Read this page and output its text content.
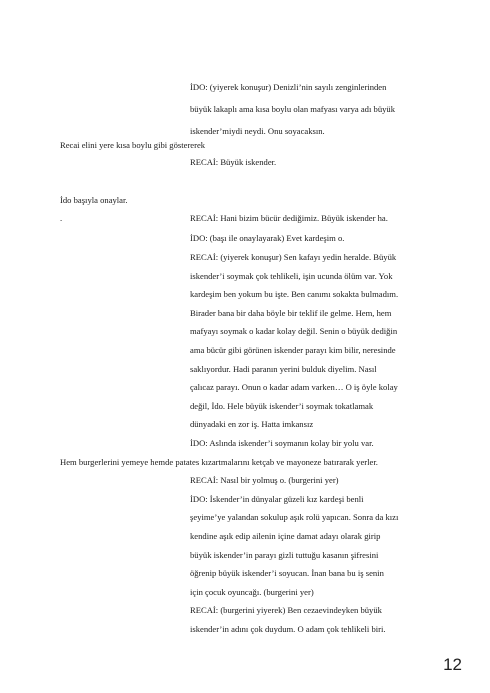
İDO: (yiyerek konuşur) Denizli’nin sayılı zenginlerinden
büyük lakaplı ama kısa boylu olan mafyası varya adı büyük
iskender’miydi neydi. Onu soyacaksın.
Recai elini yere kısa boylu gibi göstererek
RECAİ: Büyük iskender.
İdo başıyla onaylar.
.	RECAİ: Hani bizim bücür dediğimiz. Büyük iskender ha.
İDO: (başı ile onaylayarak) Evet kardeşim o.
RECAİ: (yiyerek konuşur) Sen kafayı yedin heralde. Büyük
iskender’i soymak çok tehlikeli, işin ucunda ölüm var. Yok
kardeşim ben yokum bu işte. Ben canımı sokakta bulmadım.
Birader bana bir daha böyle bir teklif ile gelme. Hem, hem
mafyayı soymak o kadar kolay değil. Senin o büyük dediğin
ama bücür gibi görünen iskender parayı kim bilir, neresinde
saklıyordur. Hadi paranın yerini bulduk diyelim. Nasıl
çalıcaz parayı. Onun o kadar adam varken… O iş öyle kolay
değil, İdo. Hele büyük iskender’i soymak tokatlamak
dünyadaki en zor iş. Hatta imkansız
İDO: Aslında iskender’i soymanın kolay bir yolu var.
Hem burgerlerini yemeye hemde patates kızartmalarını ketçab ve mayoneze batırarak yerler.
RECAİ: Nasıl bir yolmuş o. (burgerini yer)
İDO: İskender’in dünyalar güzeli kız kardeşi benli
şeyime’ye yalandan sokulup aşık rolü yapıcan. Sonra da kızı
kendine aşık edip ailenin içine damat adayı olarak girip
büyük iskender’in parayı gizli tuttuğu kasanın şifresini
öğrenip büyük iskender’i soyucan. İnan bana bu iş senin
için çocuk oyuncağı. (burgerini yer)
RECAİ: (burgerini yiyerek) Ben cezaevindeyken büyük
iskender’in adını çok duydum. O adam çok tehlikeli biri.
12
